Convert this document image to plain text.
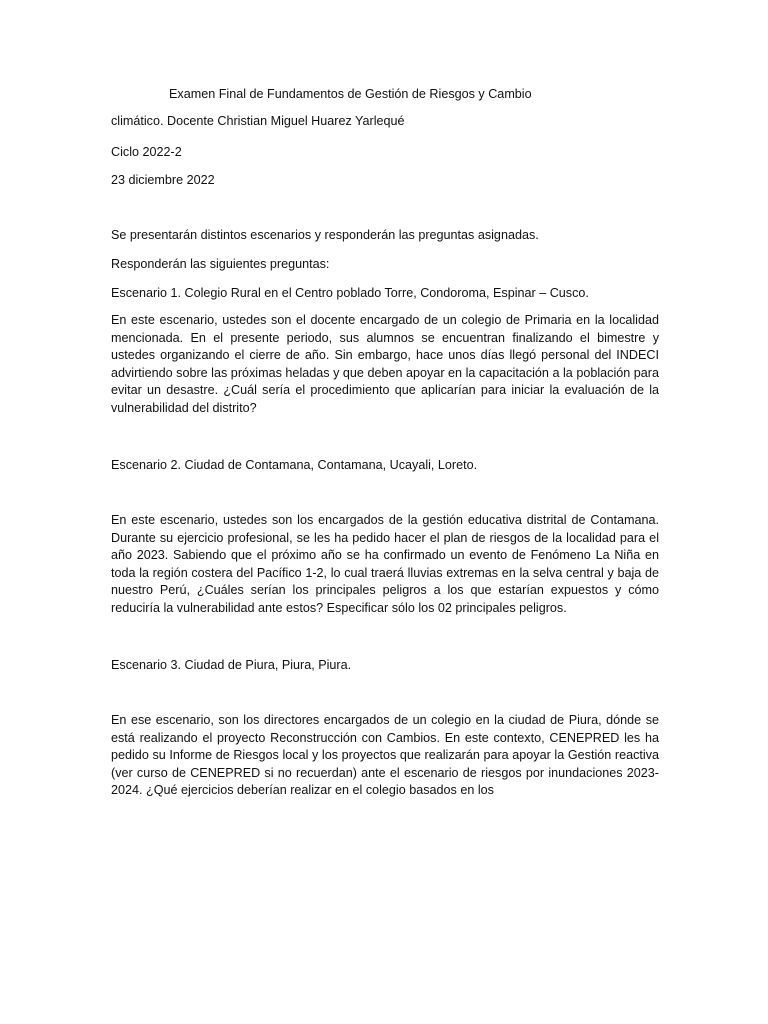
Examen Final de Fundamentos de Gestión de Riesgos y Cambio
climático. Docente Christian Miguel Huarez Yarlequé
Ciclo 2022-2
23 diciembre 2022
Se presentarán distintos escenarios y responderán las preguntas asignadas.
Responderán las siguientes preguntas:
Escenario 1. Colegio Rural en el Centro poblado Torre, Condoroma, Espinar – Cusco.
En este escenario, ustedes son el docente encargado de un colegio de Primaria en la localidad mencionada. En el presente periodo, sus alumnos se encuentran finalizando el bimestre y ustedes organizando el cierre de año. Sin embargo, hace unos días llegó personal del INDECI advirtiendo sobre las próximas heladas y que deben apoyar en la capacitación a la población para evitar un desastre. ¿Cuál sería el procedimiento que aplicarían para iniciar la evaluación de la vulnerabilidad del distrito?
Escenario 2. Ciudad de Contamana, Contamana, Ucayali, Loreto.
En este escenario, ustedes son los encargados de la gestión educativa distrital de Contamana. Durante su ejercicio profesional, se les ha pedido hacer el plan de riesgos de la localidad para el año 2023. Sabiendo que el próximo año se ha confirmado un evento de Fenómeno La Niña en toda la región costera del Pacífico 1-2, lo cual traerá lluvias extremas en la selva central y baja de nuestro Perú, ¿Cuáles serían los principales peligros a los que estarían expuestos y cómo reduciría la vulnerabilidad ante estos? Especificar sólo los 02 principales peligros.
Escenario 3. Ciudad de Piura, Piura, Piura.
En ese escenario, son los directores encargados de un colegio en la ciudad de Piura, dónde se está realizando el proyecto Reconstrucción con Cambios. En este contexto, CENEPRED les ha pedido su Informe de Riesgos local y los proyectos que realizarán para apoyar la Gestión reactiva (ver curso de CENEPRED si no recuerdan) ante el escenario de riesgos por inundaciones 2023- 2024. ¿Qué ejercicios deberían realizar en el colegio basados en los
